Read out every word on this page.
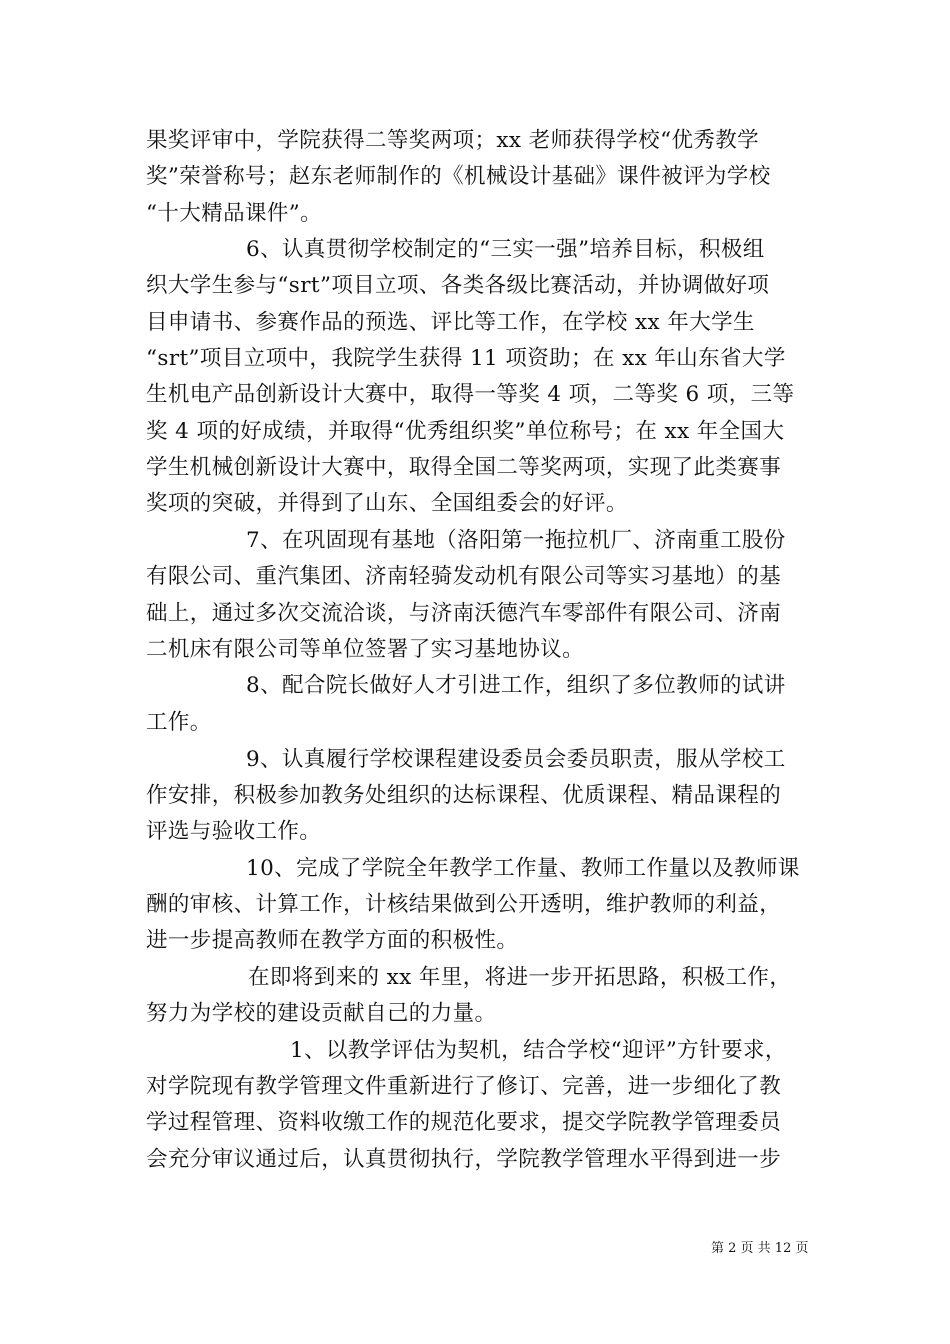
果奖评审中，学院获得二等奖两项；xx 老师获得学校“优秀教学
奖”荣誉称号；赵东老师制作的《机械设计基础》课件被评为学校
“十大精品课件”。
6、认真贯彻学校制定的“三实一强”培养目标，积极组
织大学生参与“srt”项目立项、各类各级比赛活动，并协调做好项
目申请书、参赛作品的预选、评比等工作，在学校 xx 年大学生
“srt”项目立项中，我院学生获得 11 项资助；在 xx 年山东省大学
生机电产品创新设计大赛中，取得一等奖 4 项，二等奖 6 项，三等
奖 4 项的好成绩，并取得“优秀组织奖”单位称号；在 xx 年全国大
学生机械创新设计大赛中，取得全国二等奖两项，实现了此类赛事
奖项的突破，并得到了山东、全国组委会的好评。
7、在巩固现有基地（洛阳第一拖拉机厂、济南重工股份
有限公司、重汽集团、济南轻骑发动机有限公司等实习基地）的基
础上，通过多次交流洽谈，与济南沃德汽车零部件有限公司、济南
二机床有限公司等单位签署了实习基地协议。
8、配合院长做好人才引进工作，组织了多位教师的试讲
工作。
9、认真履行学校课程建设委员会委员职责，服从学校工
作安排，积极参加教务处组织的达标课程、优质课程、精品课程的
评选与验收工作。
10、完成了学院全年教学工作量、教师工作量以及教师课
酬的审核、计算工作，计核结果做到公开透明，维护教师的利益，
进一步提高教师在教学方面的积极性。
在即将到来的 xx 年里，将进一步开拓思路，积极工作，
努力为学校的建设贡献自己的力量。
1、以教学评估为契机，结合学校“迎评”方针要求，
对学院现有教学管理文件重新进行了修订、完善，进一步细化了教
学过程管理、资料收缴工作的规范化要求，提交学院教学管理委员
会充分审议通过后，认真贯彻执行，学院教学管理水平得到进一步
第 2 页 共 12 页
